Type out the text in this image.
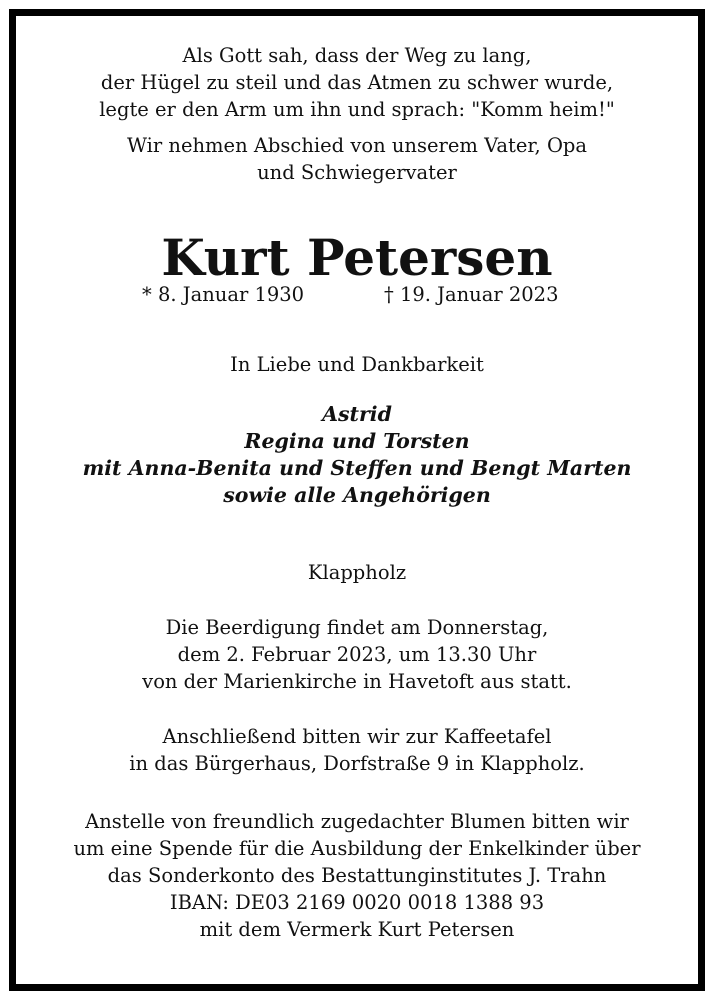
Als Gott sah, dass der Weg zu lang,
der Hügel zu steil und das Atmen zu schwer wurde,
legte er den Arm um ihn und sprach: "Komm heim!"
Wir nehmen Abschied von unserem Vater, Opa
und Schwiegervater
Kurt Petersen
* 8. Januar 1930	† 19. Januar 2023
In Liebe und Dankbarkeit
Astrid
Regina und Torsten
mit Anna-Benita und Steffen und Bengt Marten
sowie alle Angehörigen
Klappholz
Die Beerdigung findet am Donnerstag,
dem 2. Februar 2023, um 13.30 Uhr
von der Marienkirche in Havetoft aus statt.
Anschließend bitten wir zur Kaffeetafel
in das Bürgerhaus, Dorfstraße 9 in Klappholz.
Anstelle von freundlich zugedachter Blumen bitten wir
um eine Spende für die Ausbildung der Enkelkinder über
das Sonderkonto des Bestattunginstitutes J. Trahn
IBAN: DE03 2169 0020 0018 1388 93
mit dem Vermerk Kurt Petersen
